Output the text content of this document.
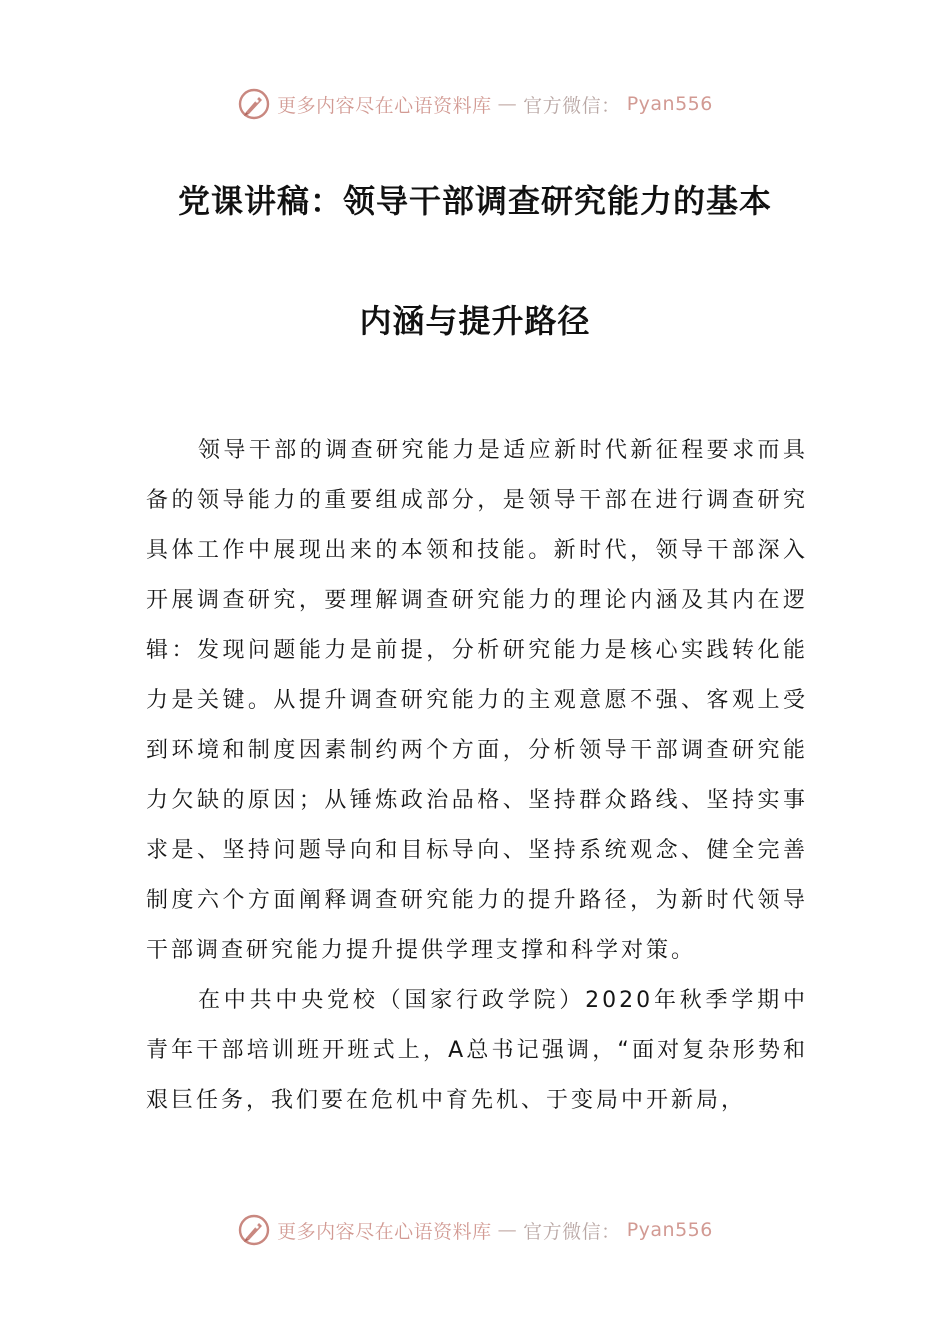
更多内容尽在心语资料库 — 官方微信： Pyan556
党课讲稿：领导干部调查研究能力的基本
内涵与提升路径

领导干部的调查研究能力是适应新时代新征程要求而具备的领导能力的重要组成部分，是领导干部在进行调查研究具体工作中展现出来的本领和技能。新时代，领导干部深入开展调查研究，要理解调查研究能力的理论内涵及其内在逻辑：发现问题能力是前提，分析研究能力是核心实践转化能力是关键。从提升调查研究能力的主观意愿不强、客观上受到环境和制度因素制约两个方面，分析领导干部调查研究能力欠缺的原因；从锤炼政治品格、坚持群众路线、坚持实事求是、坚持问题导向和目标导向、坚持系统观念、健全完善制度六个方面阐释调查研究能力的提升路径，为新时代领导干部调查研究能力提升提供学理支撑和科学对策。

在中共中央党校（国家行政学院）2020年秋季学期中青年干部培训班开班式上，A总书记强调，“面对复杂形势和艰巨任务，我们要在危机中育先机、于变局中开新局，

更多内容尽在心语资料库 — 官方微信： Pyan556
